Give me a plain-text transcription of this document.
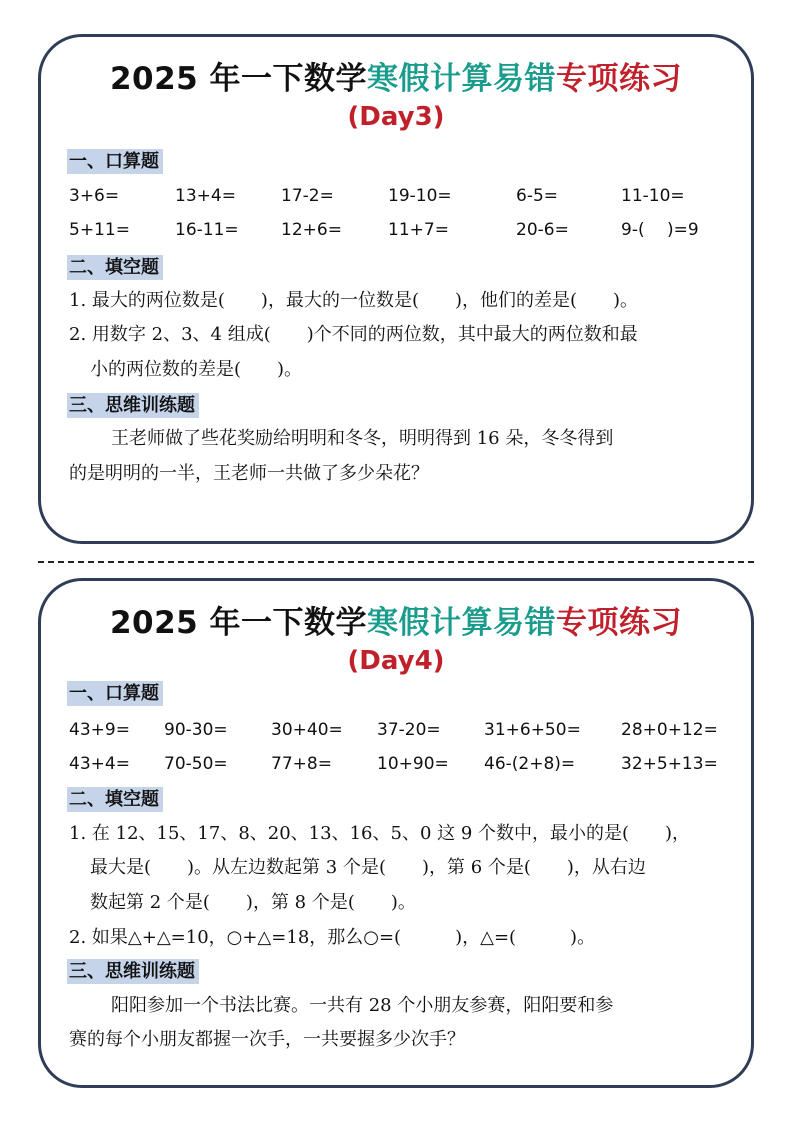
2025 年一下数学寒假计算易错专项练习
(Day3)
一、口算题
3+6=	13+4=	17-2=	19-10=	6-5=	11-10=
5+11=	16-11= 12+6=	11+7=	20-6=	9-(　 )=9
二、填空题
1. 最大的两位数是(　　)，最大的一位数是(　　)，他们的差是(　　)。
2. 用数字 2、3、4 组成(　　)个不同的两位数，其中最大的两位数和最
小的两位数的差是(　　)。
三、思维训练题
王老师做了些花奖励给明明和冬冬，明明得到 16 朵，冬冬得到
的是明明的一半，王老师一共做了多少朵花？
2025 年一下数学寒假计算易错专项练习
(Day4)
一、口算题
43+9= 90-30=	30+40= 37-20=	31+6+50= 28+0+12=
43+4= 70-50=	77+8=	10+90= 46-(2+8)=	32+5+13=
二、填空题
1. 在 12、15、17、8、20、13、16、5、0 这 9 个数中，最小的是(　　)，
最大是(　　)。从左边数起第 3 个是(　　)，第 6 个是(　　)，从右边
数起第 2 个是(　　)，第 8 个是(　　)。
2. 如果△+△=10，○+△=18，那么○=(　　　)，△=(　　　)。
三、思维训练题
阳阳参加一个书法比赛。一共有 28 个小朋友参赛，阳阳要和参
赛的每个小朋友都握一次手，一共要握多少次手？
